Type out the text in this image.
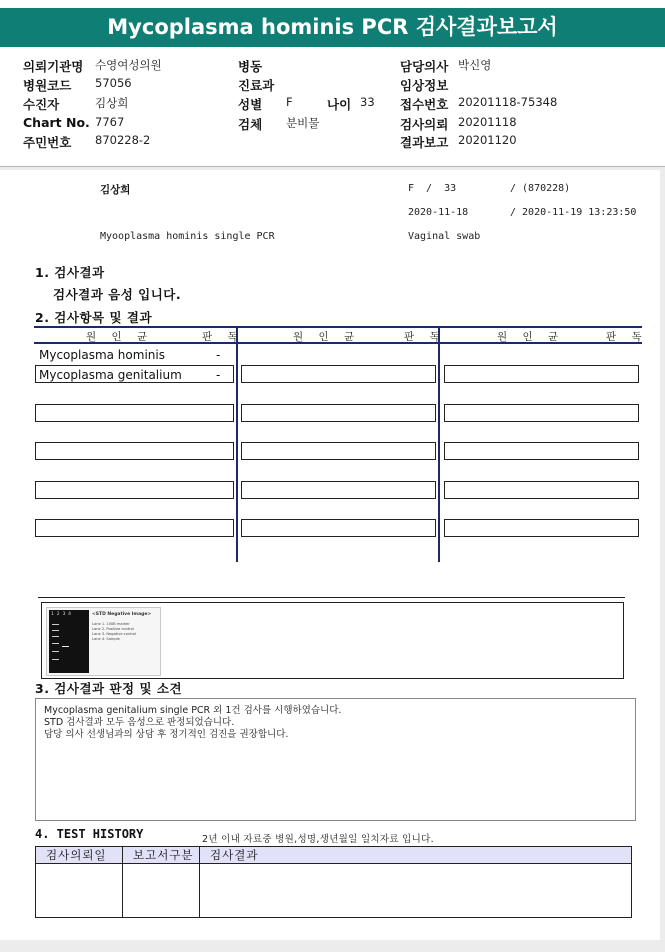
Mycoplasma hominis PCR 검사결과보고서
의뢰기관명 수영여성의원
병원코드 57056
수진자	김상희
Chart No. 7767
주민번호 870228-2
병동
진료과
성별 F	나이 33
검체 분비물
담당의사 박신영
임상정보
접수번호 20201118-75348
검사의뢰 20201118
결과보고 20201120
김상희	F  /  33	/ (870228)
2020-11-18	/ 2020-11-19 13:23:50
Myooplasma hominis single PCR	Vaginal swab
1. 검사결과
검사결과 음성 입니다.
2. 검사항목 및 결과
원 인 균	판 독	원 인 균	판 독	원 인 균	판 독
Mycoplasma hominis	-
Mycoplasma genitalium	-
1  2  3  4	<STD Negative Image>
Lane 1. 100B marker
Lane 2. Positive control
Lane 3. Negative control
Lane 4. Sample
3. 검사결과 판정 및 소견

Mycoplasma genitalium single PCR 외 1건 검사를 시행하였습니다.

STD 검사결과 모두 음성으로 판정되었습니다.

담당 의사 선생님과의 상담 후 정기적인 검진을 권장합니다.

4. TEST HISTORY	2년 이내 자료중 병원,성명,생년월일 일치자료 입니다.
검사의뢰일	보고서구분	검사결과
